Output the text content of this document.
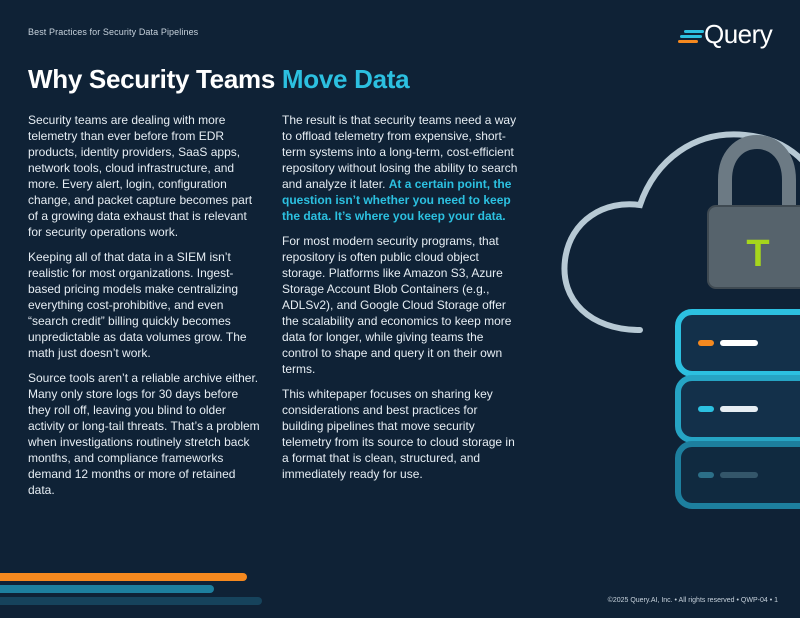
Best Practices for Security Data Pipelines	Query
Why Security Teams Move Data

Security teams are dealing with more telemetry than ever before from EDR products, identity providers, SaaS apps, network tools, cloud infrastructure, and more. Every alert, login, configuration change, and packet capture becomes part of a growing data exhaust that is relevant for security operations work.

Keeping all of that data in a SIEM isn’t realistic for most organizations. Ingest-based pricing models make centralizing everything cost-prohibitive, and even “search credit” billing quickly becomes unpredictable as data volumes grow. The math just doesn’t work.

Source tools aren’t a reliable archive either. Many only store logs for 30 days before they roll off, leaving you blind to older activity or long-tail threats. That’s a problem when investigations routinely stretch back months, and compliance frameworks demand 12 months or more of retained data.

The result is that security teams need a way to offload telemetry from expensive, short-term systems into a long-term, cost-efficient repository without losing the ability to search and analyze it later. At a certain point, the question isn’t whether you need to keep the data. It’s where you keep your data.

For most modern security programs, that repository is often public cloud object storage. Platforms like Amazon S3, Azure Storage Account Blob Containers (e.g., ADLSv2), and Google Cloud Storage offer the scalability and economics to keep more data for longer, while giving teams the control to shape and query it on their own terms.

This whitepaper focuses on sharing key considerations and best practices for building pipelines that move security telemetry from its source to cloud storage in a format that is clean, structured, and immediately ready for use.

T
©2025 Query.AI, Inc. • All rights reserved • QWP-04 • 1
